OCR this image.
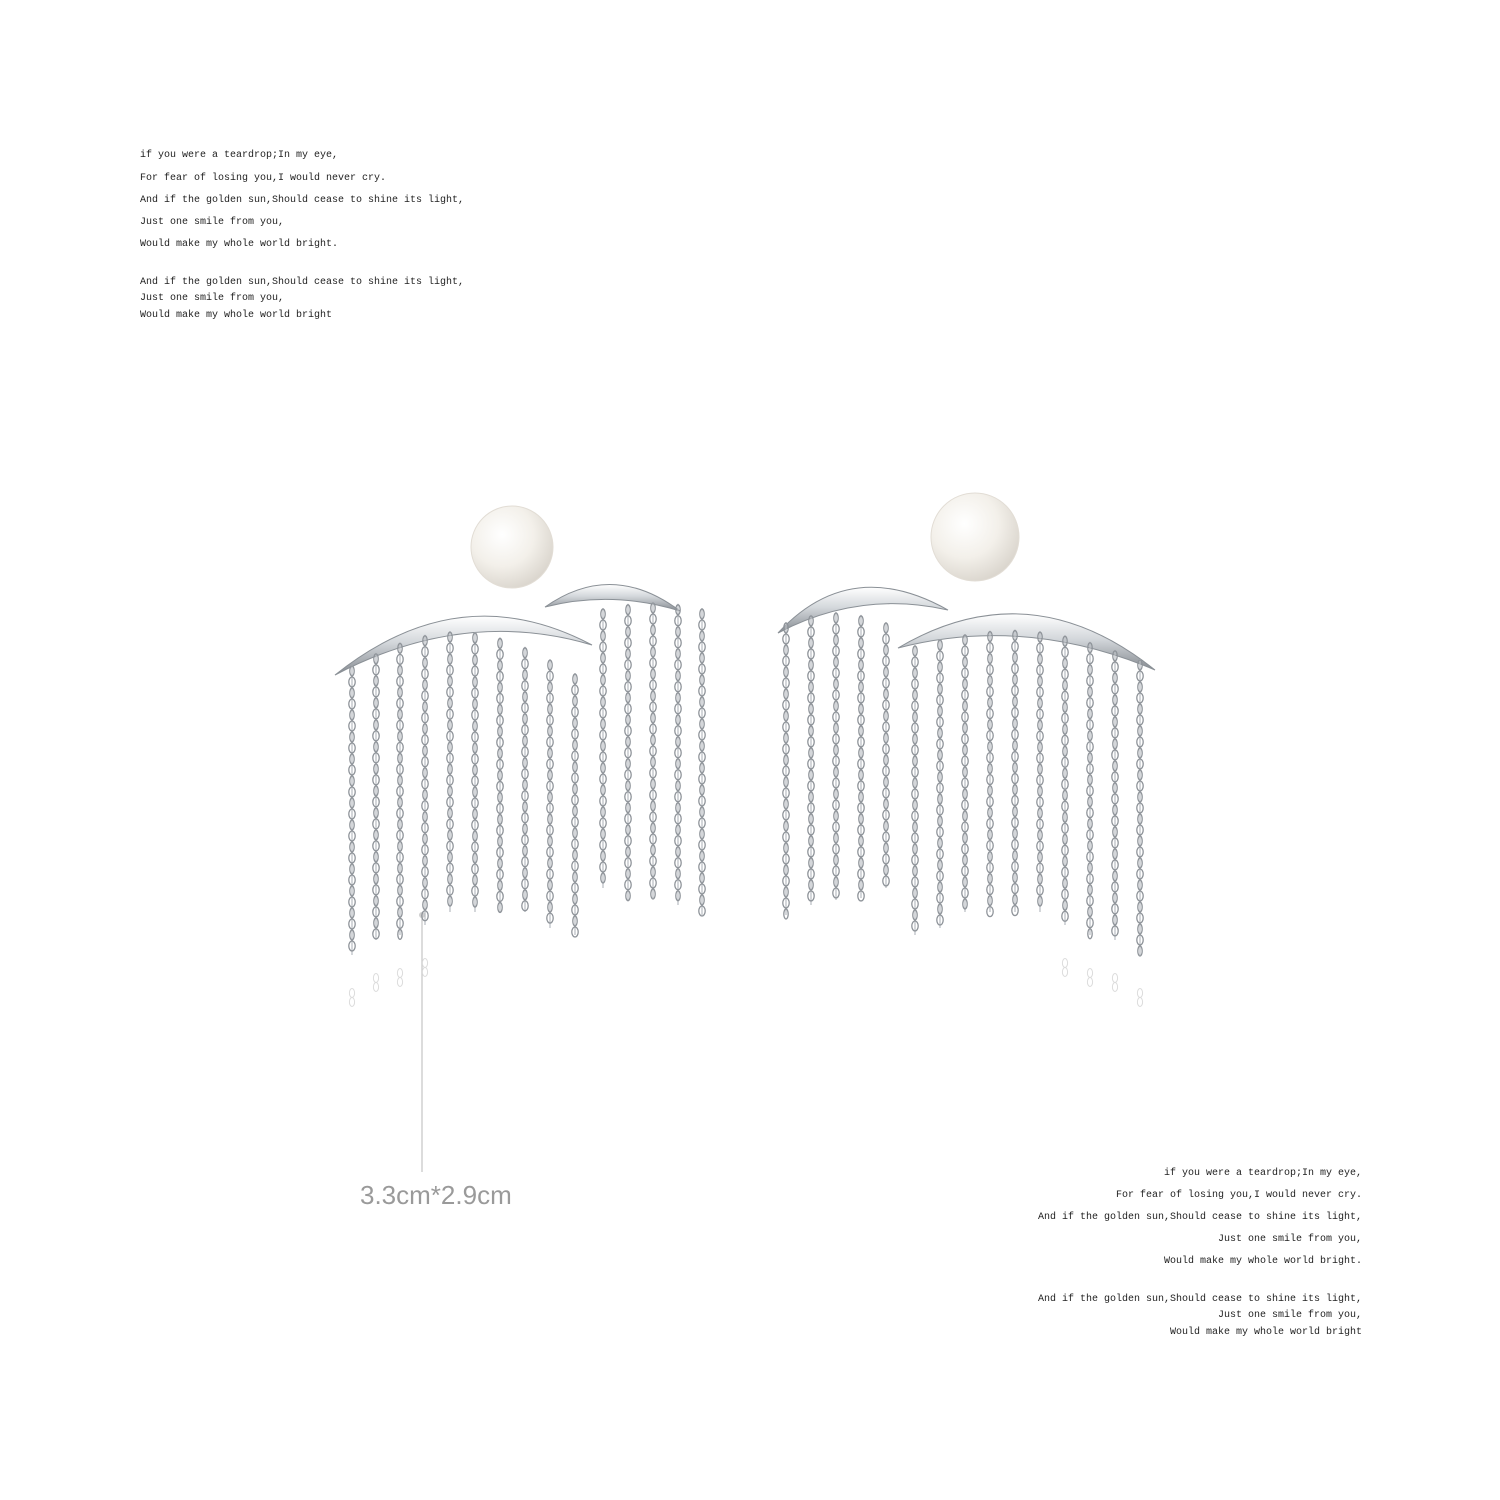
if you were a teardrop;In my eye,
For fear of losing you,I would never cry.
And if the golden sun,Should cease to shine its light,
Just one smile from you,
Would make my whole world bright.
And if the golden sun,Should cease to shine its light,
Just one smile from you,
Would make my whole world bright
if you were a teardrop;In my eye,
For fear of losing you,I would never cry.
And if the golden sun,Should cease to shine its light,
Just one smile from you,
Would make my whole world bright.
And if the golden sun,Should cease to shine its light,
Just one smile from you,
Would make my whole world bright
3.3cm*2.9cm
